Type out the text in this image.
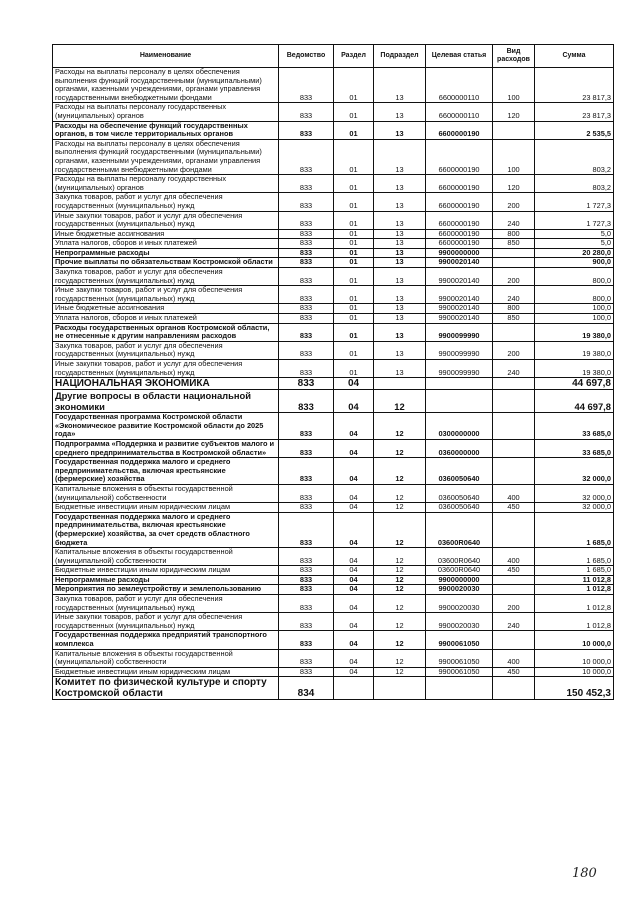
Наименование	Ведомство	Раздел	Подраздел	Целевая статья	Вид расходов	Сумма
Расходы на выплаты персоналу в целях обеспечения выполнения функций государственными (муниципальными) органами, казенными учреждениями, органами управления государственными внебюджетными фондами	833	01	13	6600000110	100	23 817,3
Расходы на выплаты персоналу государственных (муниципальных) органов	833	01	13	6600000110	120	23 817,3
Расходы на обеспечение функций государственных органов, в том числе территориальных органов	833	01	13	6600000190		2 535,5
Расходы на выплаты персоналу в целях обеспечения выполнения функций государственными (муниципальными) органами, казенными учреждениями, органами управления государственными внебюджетными фондами	833	01	13	6600000190	100	803,2
Расходы на выплаты персоналу государственных (муниципальных) органов	833	01	13	6600000190	120	803,2
Закупка товаров, работ и услуг для обеспечения государственных (муниципальных) нужд	833	01	13	6600000190	200	1 727,3
Иные закупки товаров, работ и услуг для обеспечения государственных (муниципальных) нужд	833	01	13	6600000190	240	1 727,3
Иные бюджетные ассигнования	833	01	13	6600000190	800	5,0
Уплата налогов, сборов и иных платежей	833	01	13	6600000190	850	5,0
Непрограммные расходы	833	01	13	9900000000		20 280,0
Прочие выплаты по обязательствам Костромской области	833	01	13	9900020140		900,0
Закупка товаров, работ и услуг для обеспечения государственных (муниципальных) нужд	833	01	13	9900020140	200	800,0
Иные закупки товаров, работ и услуг для обеспечения государственных (муниципальных) нужд	833	01	13	9900020140	240	800,0
Иные бюджетные ассигнования	833	01	13	9900020140	800	100,0
Уплата налогов, сборов и иных платежей	833	01	13	9900020140	850	100,0
Расходы государственных органов Костромской области, не отнесенные к другим направлениям расходов	833	01	13	9900099990		19 380,0
Закупка товаров, работ и услуг для обеспечения государственных (муниципальных) нужд	833	01	13	9900099990	200	19 380,0
Иные закупки товаров, работ и услуг для обеспечения государственных (муниципальных) нужд	833	01	13	9900099990	240	19 380,0
НАЦИОНАЛЬНАЯ ЭКОНОМИКА	833	04				44 697,8
Другие вопросы в области национальной экономики	833	04	12			44 697,8
Государственная программа Костромской области «Экономическое развитие Костромской области до 2025 года»	833	04	12	0300000000		33 685,0
Подпрограмма «Поддержка и развитие субъектов малого и среднего предпринимательства в Костромской области»	833	04	12	0360000000		33 685,0
Государственная поддержка малого и среднего предпринимательства, включая крестьянские (фермерские) хозяйства	833	04	12	0360050640		32 000,0
Капитальные вложения в объекты государственной (муниципальной) собственности	833	04	12	0360050640	400	32 000,0
Бюджетные инвестиции иным юридическим лицам	833	04	12	0360050640	450	32 000,0
Государственная поддержка малого и среднего предпринимательства, включая крестьянские (фермерские) хозяйства, за счет средств областного бюджета	833	04	12	03600R0640		1 685,0
Капитальные вложения в объекты государственной (муниципальной) собственности	833	04	12	03600R0640	400	1 685,0
Бюджетные инвестиции иным юридическим лицам	833	04	12	03600R0640	450	1 685,0
Непрограммные расходы	833	04	12	9900000000		11 012,8
Мероприятия по землеустройству и землепользованию	833	04	12	9900020030		1 012,8
Закупка товаров, работ и услуг для обеспечения государственных (муниципальных) нужд	833	04	12	9900020030	200	1 012,8
Иные закупки товаров, работ и услуг для обеспечения государственных (муниципальных) нужд	833	04	12	9900020030	240	1 012,8
Государственная поддержка предприятий транспортного комплекса	833	04	12	9900061050		10 000,0
Капитальные вложения в объекты государственной (муниципальной) собственности	833	04	12	9900061050	400	10 000,0
Бюджетные инвестиции иным юридическим лицам	833	04	12	9900061050	450	10 000,0
Комитет по физической культуре и спорту Костромской области	834					150 452,3
180
